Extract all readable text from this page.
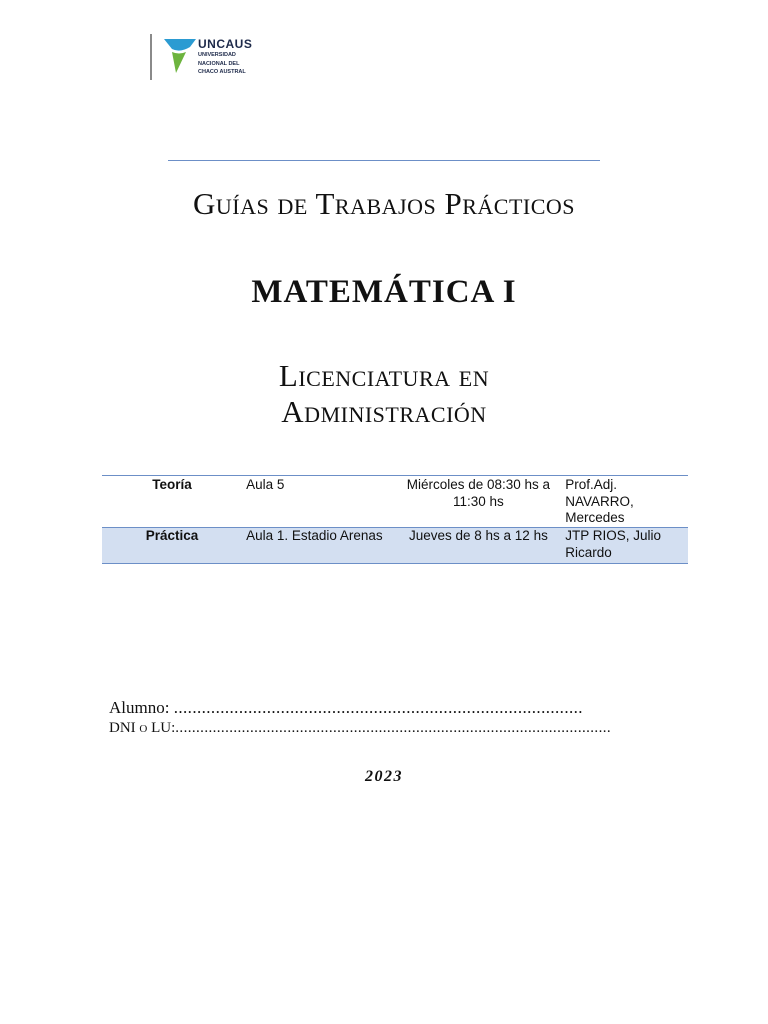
UNCAUS
UNIVERSIDAD
NACIONAL DEL
CHACO AUSTRAL
Guías de Trabajos Prácticos
MATEMÁTICA I
Licenciatura en Administración
Teoría	Aula 5	Miércoles de 08:30 hs a 11:30 hs	Prof.Adj. NAVARRO, Mercedes
Práctica	Aula 1. Estadio Arenas	Jueves de 8 hs a 12 hs	JTP RIOS, Julio Ricardo
Alumno: ........................................................................................
DNI o LU:.........................................................................................................
2023
